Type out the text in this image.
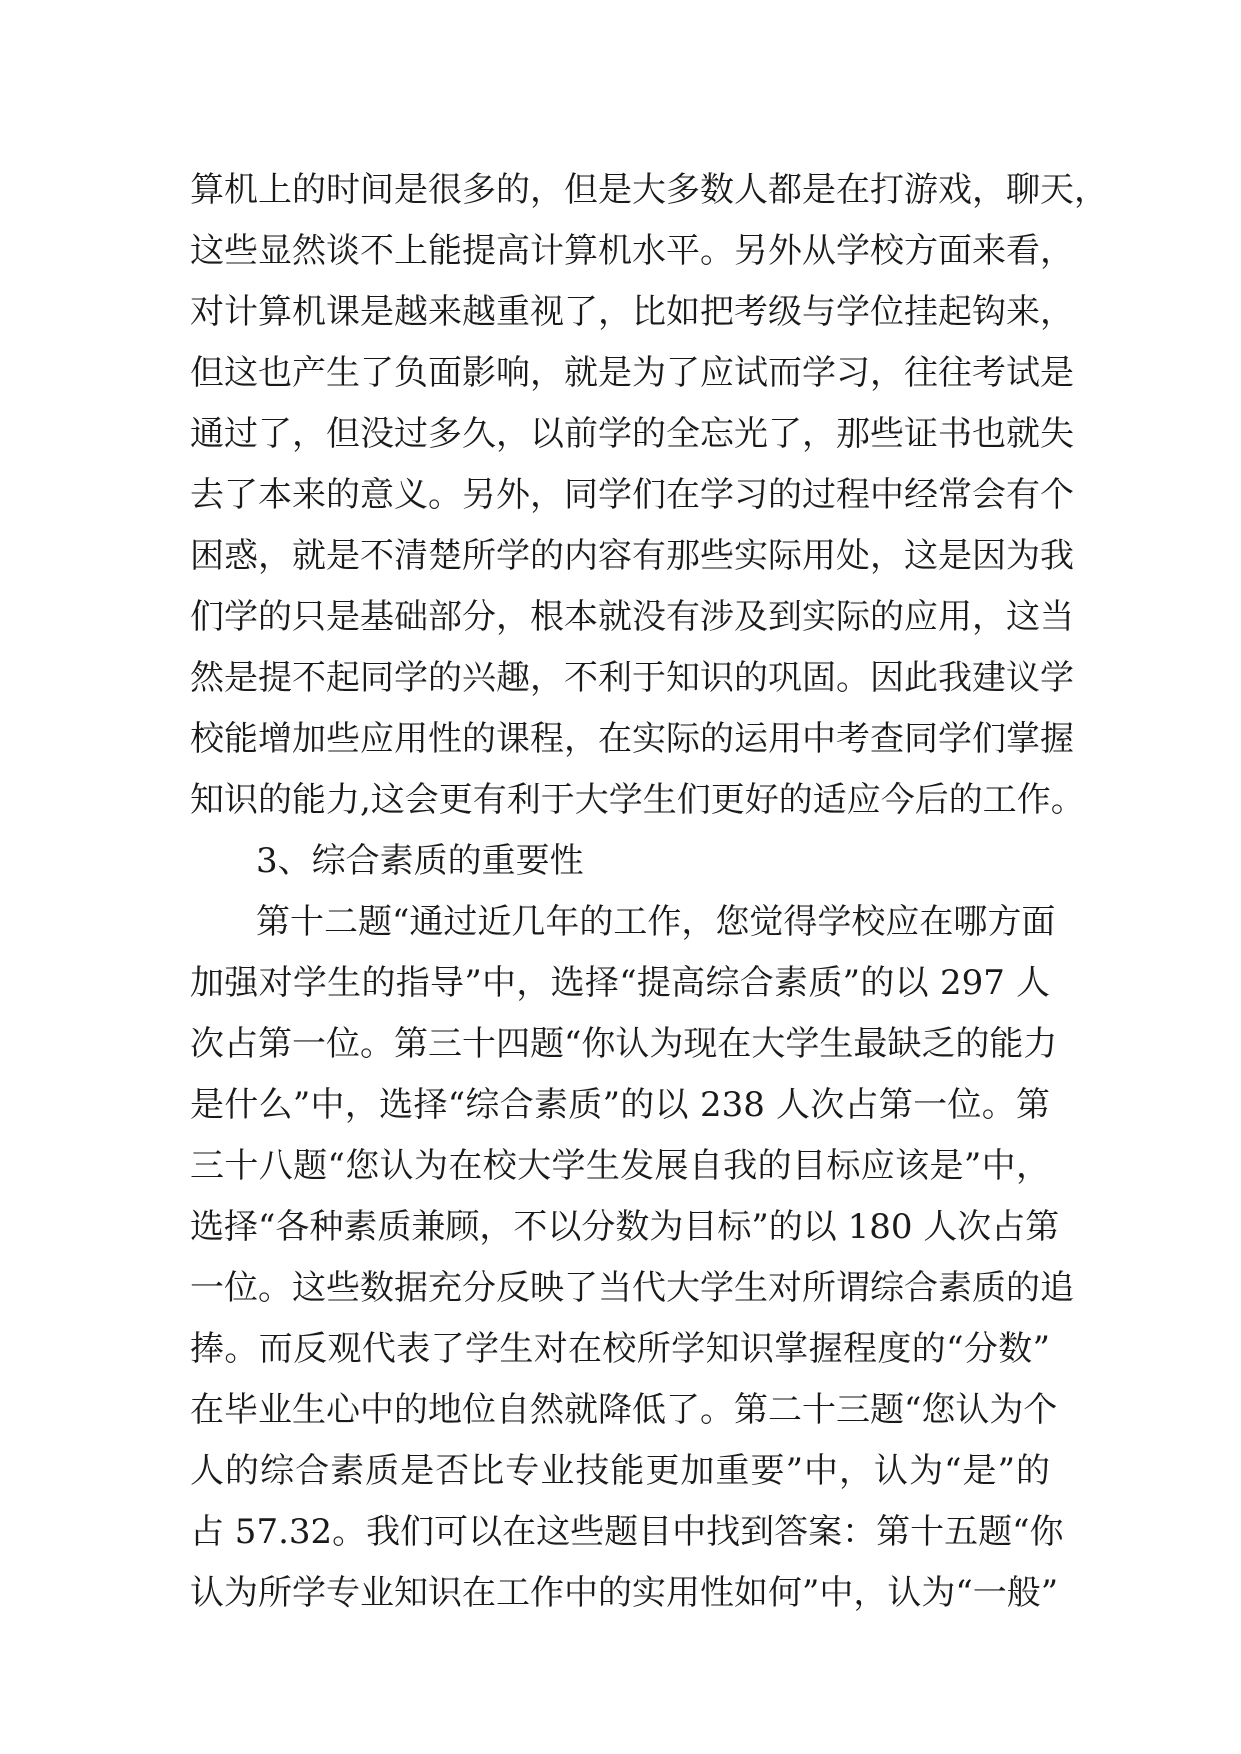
算机上的时间是很多的，但是大多数人都是在打游戏，聊天，
这些显然谈不上能提高计算机水平。另外从学校方面来看，
对计算机课是越来越重视了，比如把考级与学位挂起钩来，
但这也产生了负面影响，就是为了应试而学习，往往考试是
通过了，但没过多久，以前学的全忘光了，那些证书也就失
去了本来的意义。另外，同学们在学习的过程中经常会有个
困惑，就是不清楚所学的内容有那些实际用处，这是因为我
们学的只是基础部分，根本就没有涉及到实际的应用，这当
然是提不起同学的兴趣，不利于知识的巩固。因此我建议学
校能增加些应用性的课程，在实际的运用中考查同学们掌握
知识的能力,这会更有利于大学生们更好的适应今后的工作。
3、综合素质的重要性
第十二题“通过近几年的工作，您觉得学校应在哪方面
加强对学生的指导”中，选择“提高综合素质”的以 297 人
次占第一位。第三十四题“你认为现在大学生最缺乏的能力
是什么”中，选择“综合素质”的以 238 人次占第一位。第
三十八题“您认为在校大学生发展自我的目标应该是”中，
选择“各种素质兼顾，不以分数为目标”的以 180 人次占第
一位。这些数据充分反映了当代大学生对所谓综合素质的追
捧。而反观代表了学生对在校所学知识掌握程度的“分数”
在毕业生心中的地位自然就降低了。第二十三题“您认为个
人的综合素质是否比专业技能更加重要”中，认为“是”的
占 57.32。我们可以在这些题目中找到答案：第十五题“你
认为所学专业知识在工作中的实用性如何”中，认为“一般”
